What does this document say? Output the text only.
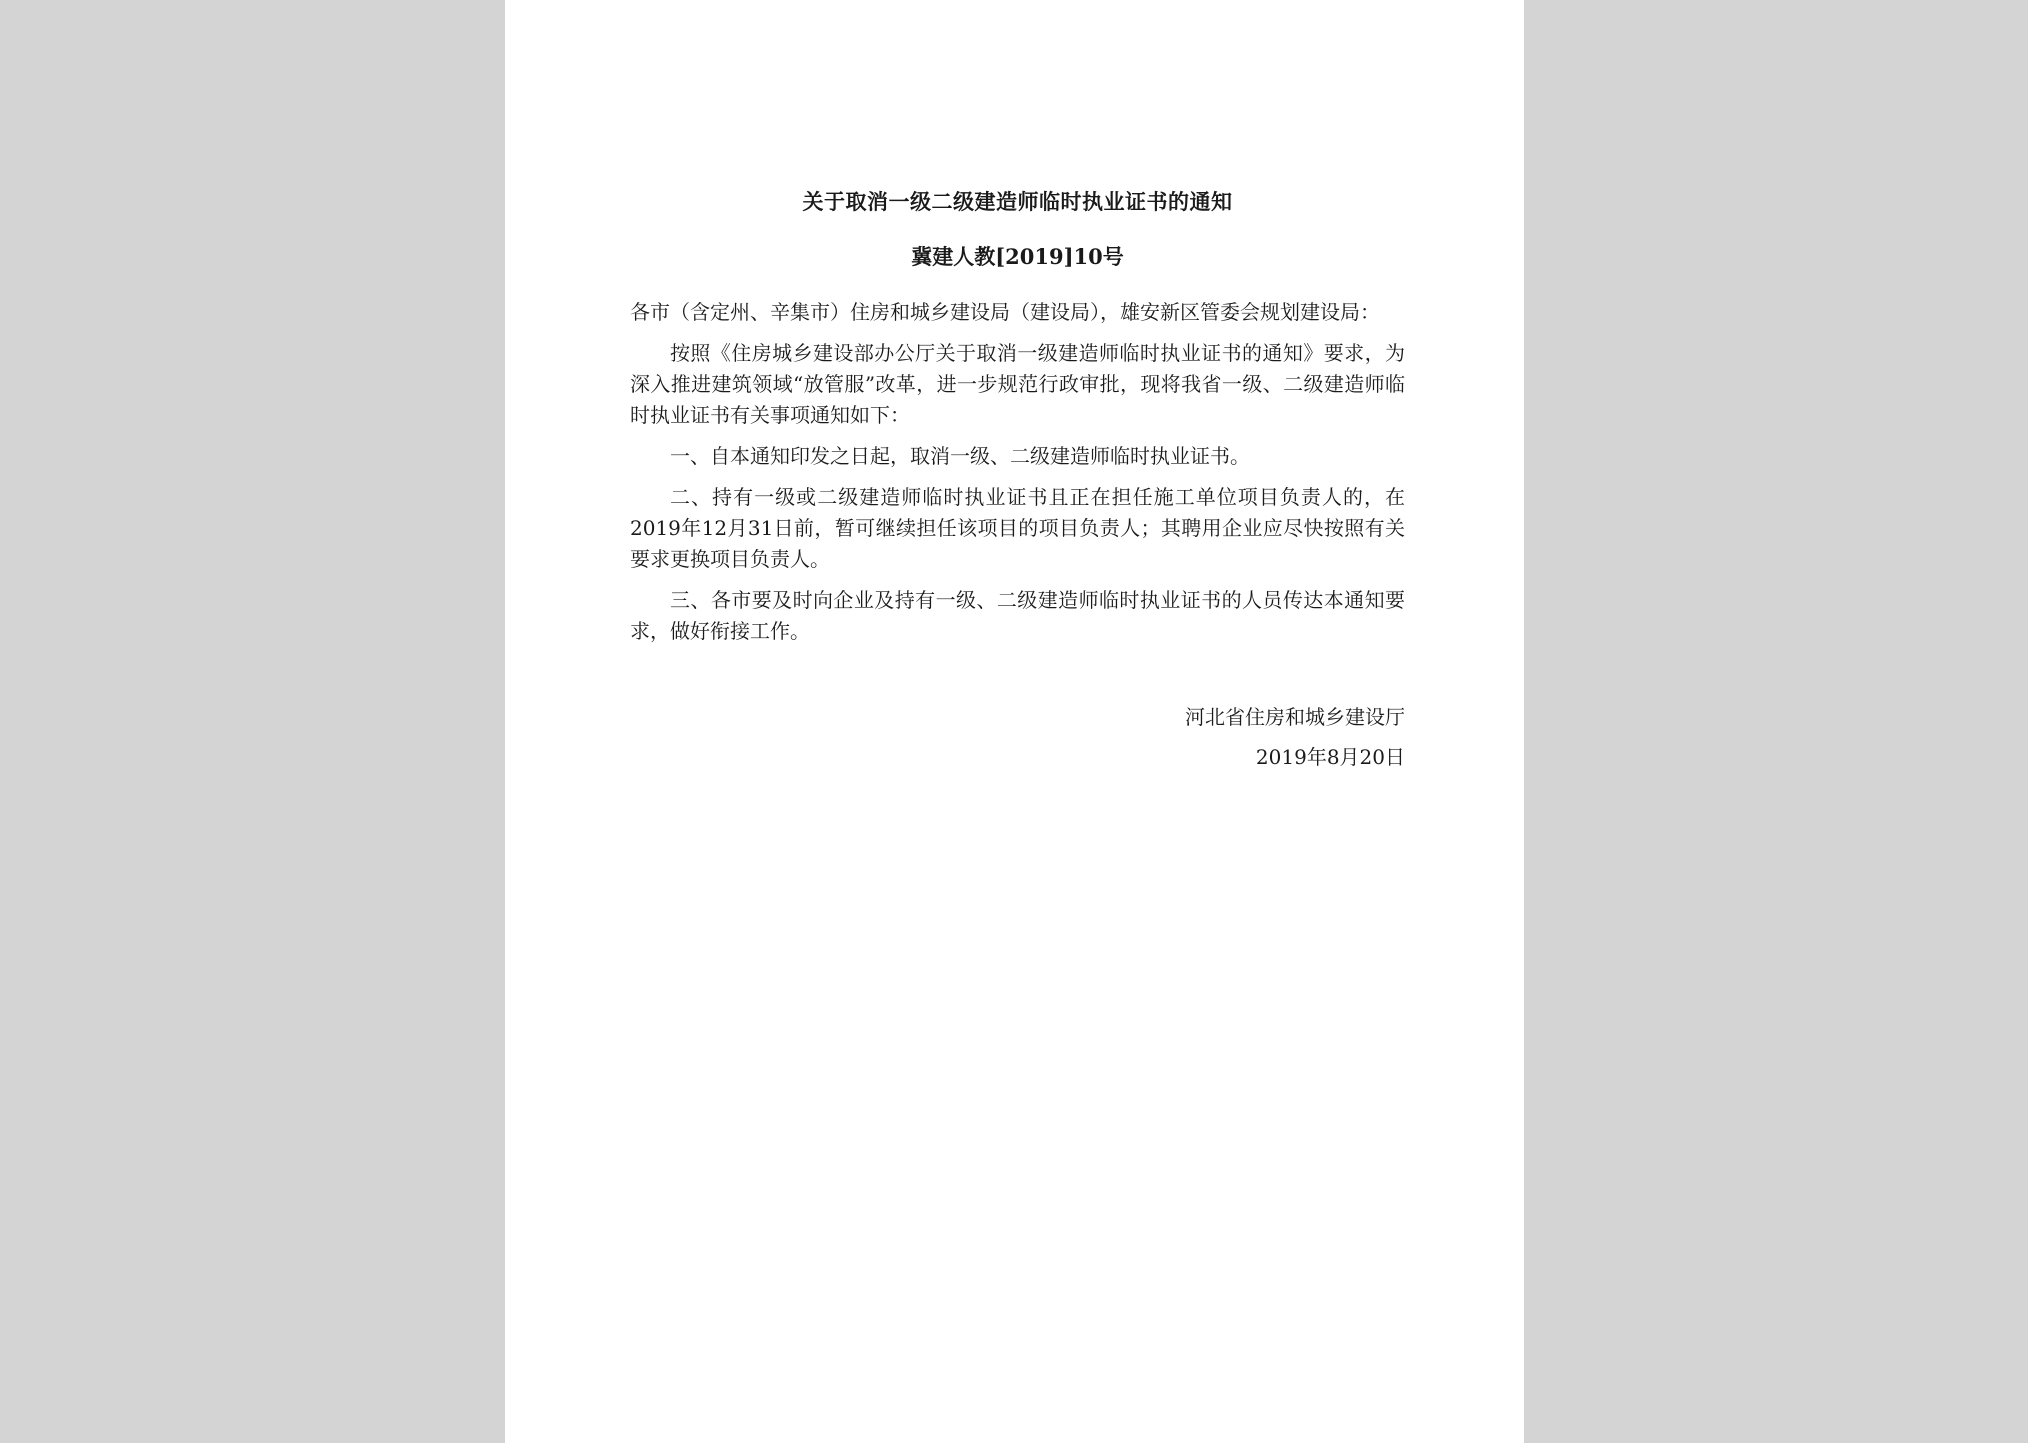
关于取消一级二级建造师临时执业证书的通知

冀建人教[2019]10号

各市（含定州、辛集市）住房和城乡建设局（建设局），雄安新区管委会规划建设局：

按照《住房城乡建设部办公厅关于取消一级建造师临时执业证书的通知》要求，为深入推进建筑领域“放管服”改革，进一步规范行政审批，现将我省一级、二级建造师临时执业证书有关事项通知如下：

一、自本通知印发之日起，取消一级、二级建造师临时执业证书。

二、持有一级或二级建造师临时执业证书且正在担任施工单位项目负责人的，在2019年12月31日前，暂可继续担任该项目的项目负责人；其聘用企业应尽快按照有关要求更换项目负责人。

三、各市要及时向企业及持有一级、二级建造师临时执业证书的人员传达本通知要求，做好衔接工作。

河北省住房和城乡建设厅

2019年8月20日
